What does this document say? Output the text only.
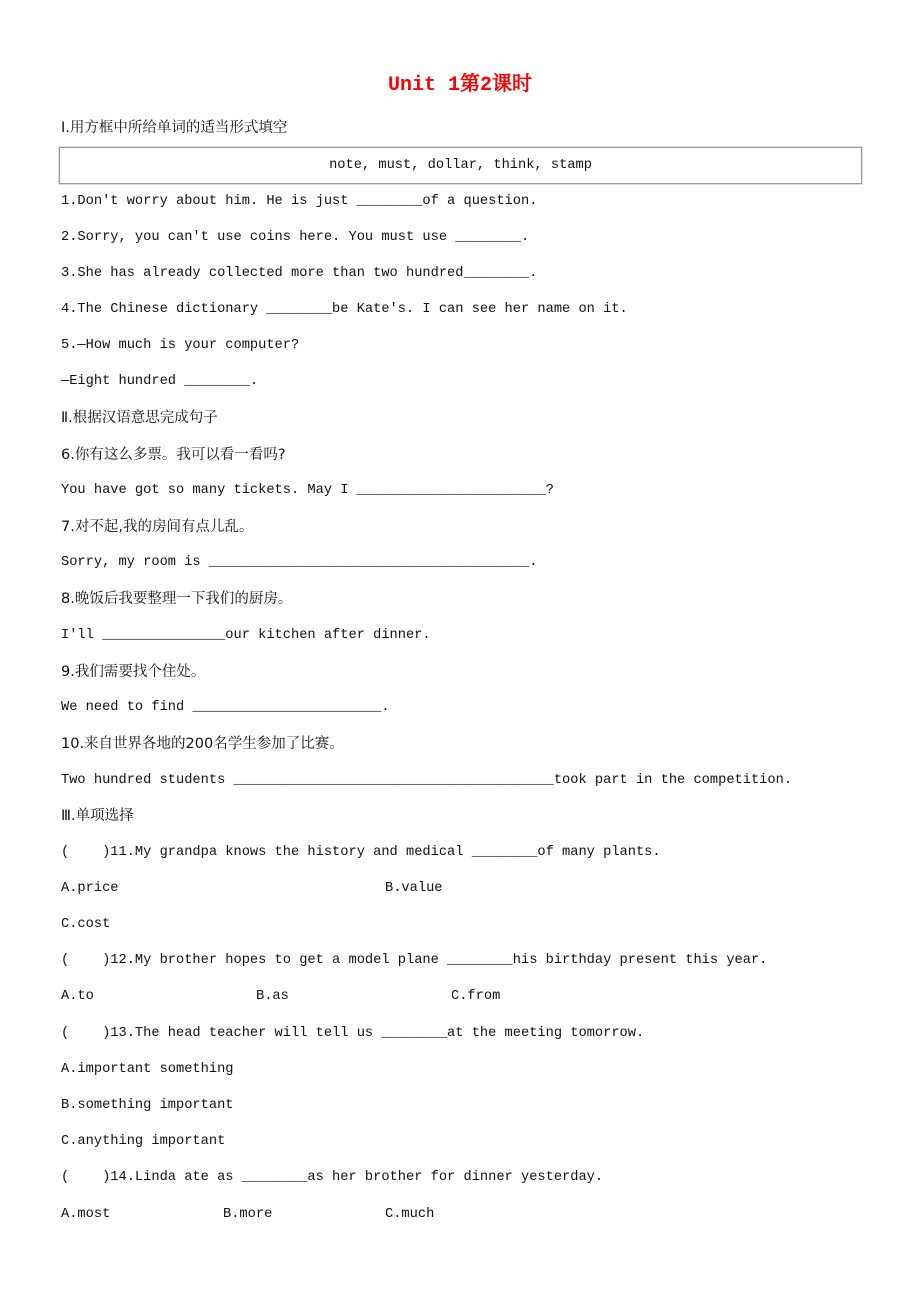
Unit 1第2课时
Ⅰ.用方框中所给单词的适当形式填空
note, must, dollar, think, stamp
1.Don't worry about him. He is just ________of a question.
2.Sorry, you can't use coins here. You must use ________.
3.She has already collected more than two hundred________.
4.The Chinese dictionary ________be Kate's. I can see her name on it.
5.—How much is your computer?
—Eight hundred ________.
Ⅱ.根据汉语意思完成句子
6.你有这么多票。我可以看一看吗?
You have got so many tickets. May I _______________________?
7.对不起,我的房间有点儿乱。
Sorry, my room is _______________________________________.
8.晚饭后我要整理一下我们的厨房。
I'll _______________our kitchen after dinner.
9.我们需要找个住处。
We need to find _______________________.
10.来自世界各地的200名学生参加了比赛。
Two hundred students _______________________________________took part in the competition.
Ⅲ.单项选择
(    )11.My grandpa knows the history and medical ________of many plants.
A.price	B.value
C.cost
(    )12.My brother hopes to get a model plane ________his birthday present this year.
A.to	B.as	C.from
(    )13.The head teacher will tell us ________at the meeting tomorrow.
A.important something
B.something important
C.anything important
(    )14.Linda ate as ________as her brother for dinner yesterday.
A.most	B.more	C.much
